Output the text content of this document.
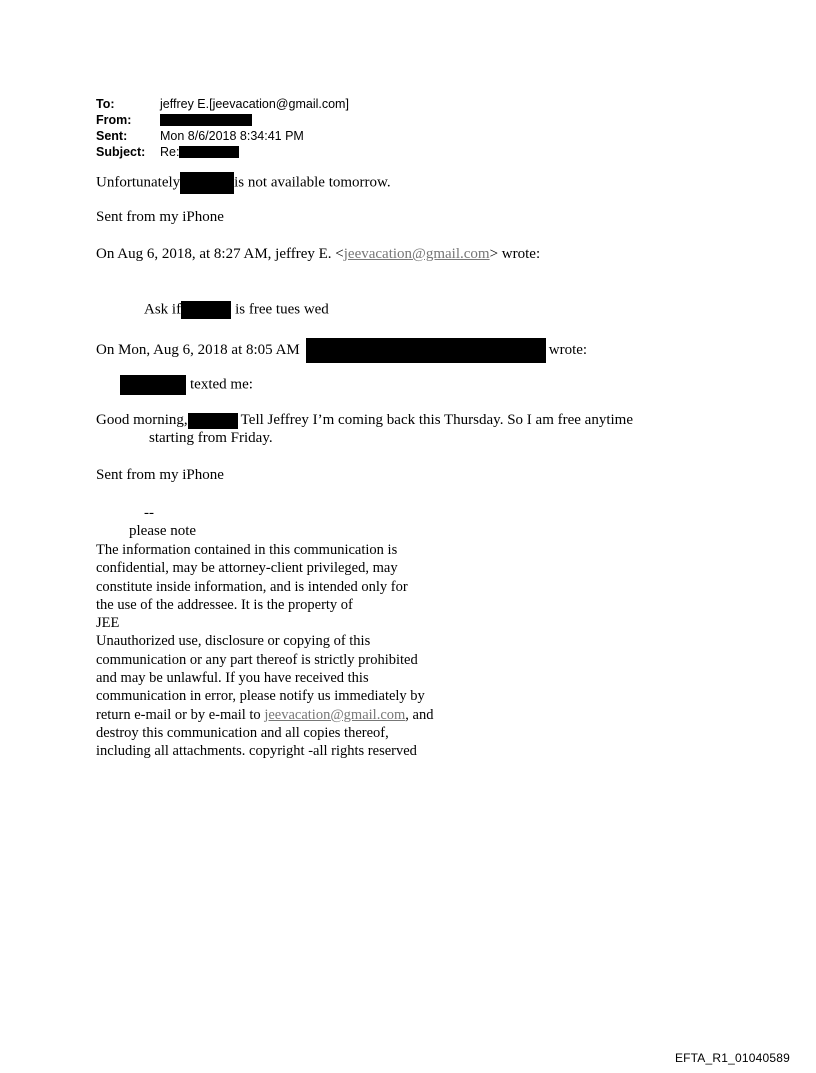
To:	jeffrey E.[jeevacation@gmail.com]
From:
Sent:	Mon 8/6/2018 8:34:41 PM
Subject:	Re:
Unfortunately	is not available tomorrow.
Sent from my iPhone
On Aug 6, 2018, at 8:27 AM, jeffrey E. <jeevacation@gmail.com> wrote:
Ask if	is free tues wed
On Mon, Aug 6, 2018 at 8:05 AM	wrote:
texted me:
Good morning,	Tell Jeffrey I’m coming back this Thursday. So I am free anytime
starting from Friday.
Sent from my iPhone
--
please note
The information contained in this communication is
confidential, may be attorney-client privileged, may
constitute inside information, and is intended only for
the use of the addressee. It is the property of
JEE
Unauthorized use, disclosure or copying of this
communication or any part thereof is strictly prohibited
and may be unlawful. If you have received this
communication in error, please notify us immediately by
return e-mail or by e-mail to jeevacation@gmail.com, and
destroy this communication and all copies thereof,
including all attachments. copyright -all rights reserved
EFTA_R1_01040589
